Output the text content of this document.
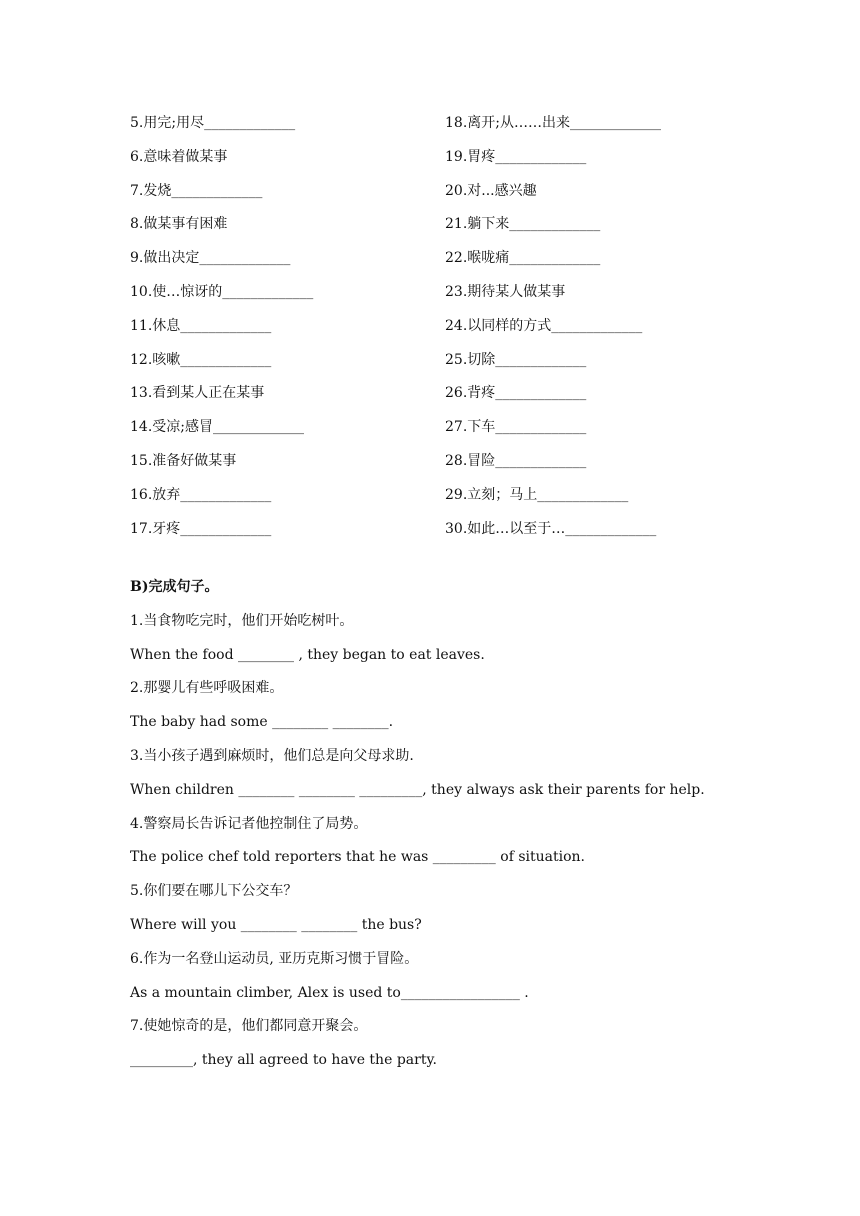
5.用完;用尽_____________	18.离开;从……出来_____________
6.意味着做某事	19.胃疼_____________
7.发烧_____________	20.对...感兴趣
8.做某事有困难	21.躺下来_____________
9.做出决定_____________	22.喉咙痛_____________
10.使…惊讶的_____________	23.期待某人做某事
11.休息_____________	24.以同样的方式_____________
12.咳嗽_____________	25.切除_____________
13.看到某人正在某事	26.背疼_____________
14.受凉;感冒_____________	27.下车_____________
15.准备好做某事	28.冒险_____________
16.放弃_____________	29.立刻；马上_____________
17.牙疼_____________	30.如此…以至于…_____________
B)完成句子。
1.当食物吃完时，他们开始吃树叶。
When the food ________ , they began to eat leaves.
2.那婴儿有些呼吸困难。
The baby had some ________ ________.
3.当小孩子遇到麻烦时，他们总是向父母求助.
When children ________ ________ _________, they always ask their parents for help.
4.警察局长告诉记者他控制住了局势。
The police chef told reporters that he was _________ of situation.
5.你们要在哪儿下公交车？
Where will you ________ ________ the bus?
6.作为一名登山运动员, 亚历克斯习惯于冒险。
As a mountain climber, Alex is used to_________________ .
7.使她惊奇的是，他们都同意开聚会。
_________, they all agreed to have the party.
